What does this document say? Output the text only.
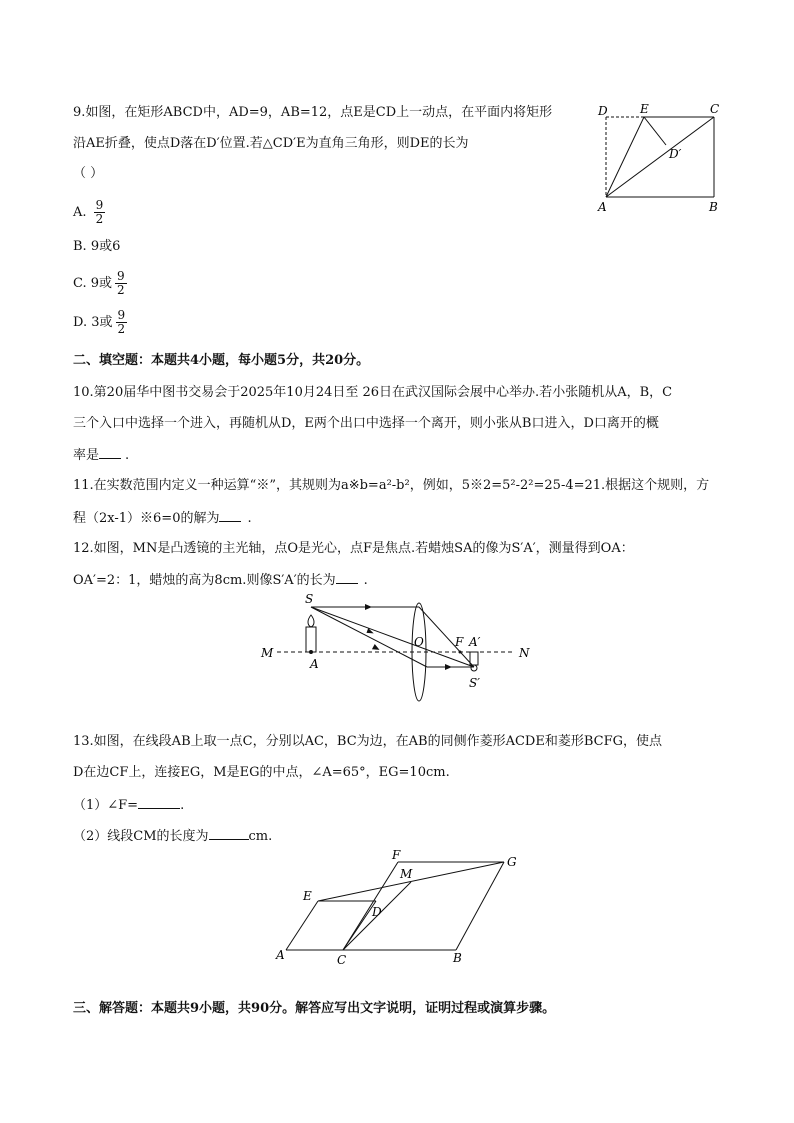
9.如图，在矩形ABCD中，AD=9，AB=12，点E是CD上一动点，在平面内将矩形
沿AE折叠，使点D落在D′位置.若△CD′E为直角三角形，则DE的长为
（ ）
A. $\frac{9}{2}$
B. 9或6
C. 9或 $\frac{9}{2}$
D. 3或 $\frac{9}{2}$
D	E	C
D′
A	B
二、填空题：本题共4小题，每小题5分，共20分。
10.第20届华中图书交易会于2025年10月24日至 26日在武汉国际会展中心举办.若小张随机从A，B，C
三个入口中选择一个进入，再随机从D，E两个出口中选择一个离开，则小张从B口进入，D口离开的概
率是 .
11.在实数范围内定义一种运算“※”，其规则为a※b=a²-b²，例如，5※2=5²-2²=25-4=21.根据这个规则，方
程（2x-1）※6=0的解为 .
12.如图，MN是凸透镜的主光轴，点O是光心，点F是焦点.若蜡烛SA的像为S′A′，测量得到OA：
OA′=2：1，蜡烛的高为8cm.则像S′A′的长为 .
S
M
A
O	F A′
N
S′
13.如图，在线段AB上取一点C，分别以AC，BC为边，在AB的同侧作菱形ACDE和菱形BCFG，使点
D在边CF上，连接EG，M是EG的中点，∠A=65°，EG=10cm.
（1）∠F=	.
（2）线段CM的长度为	cm.
F	G
M
E
D
A	C	B
三、解答题：本题共9小题，共90分。解答应写出文字说明，证明过程或演算步骤。
